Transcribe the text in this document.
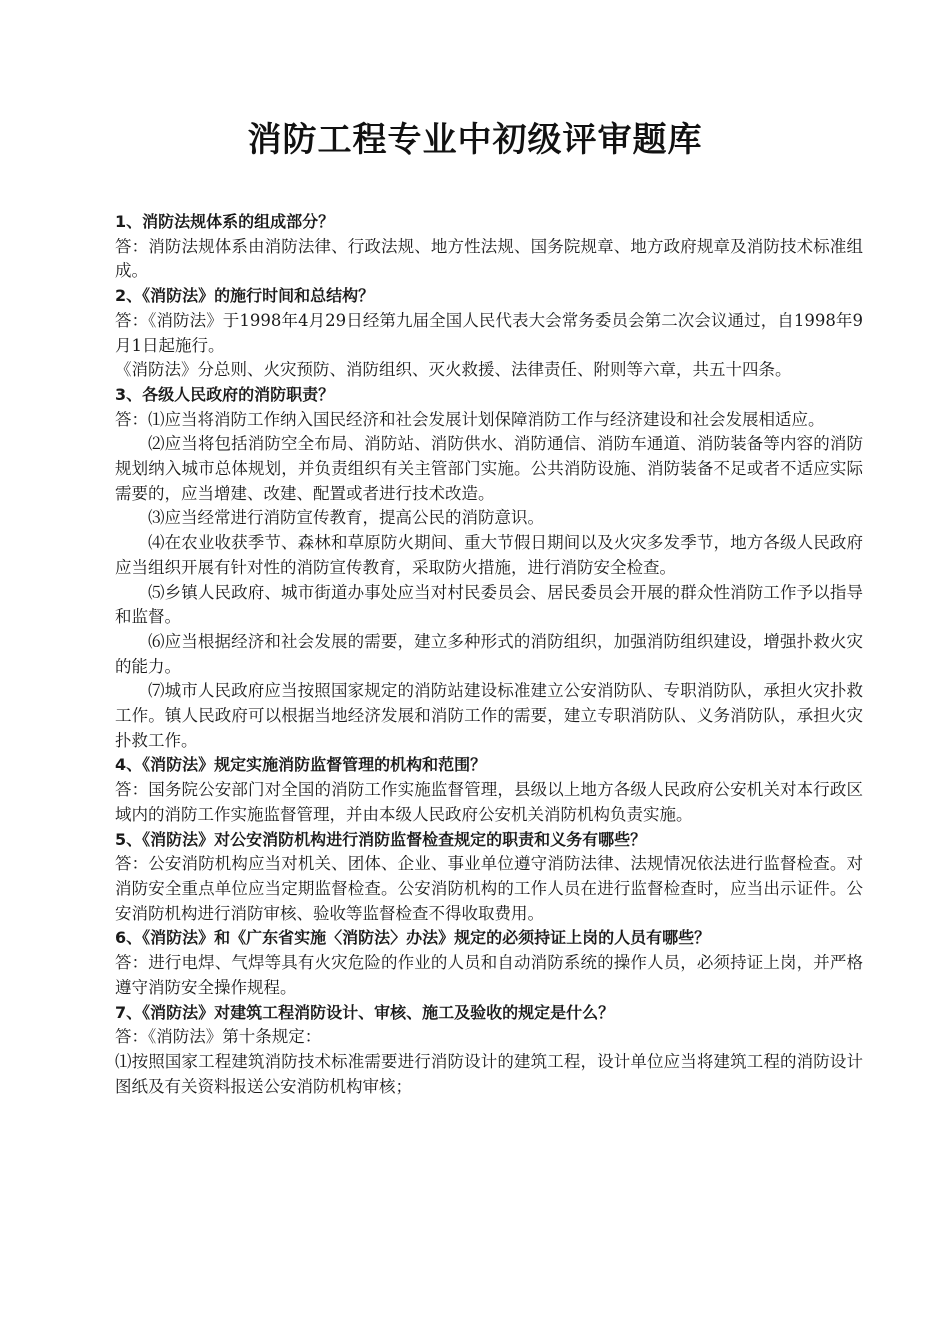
消防工程专业中初级评审题库

1、消防法规体系的组成部分？

答：消防法规体系由消防法律、行政法规、地方性法规、国务院规章、地方政府规章及消防技术标准组成。

2、《消防法》的施行时间和总结构？

答：《消防法》于1998年4月29日经第九届全国人民代表大会常务委员会第二次会议通过，自1998年9月1日起施行。

《消防法》分总则、火灾预防、消防组织、灭火救援、法律责任、附则等六章，共五十四条。

3、各级人民政府的消防职责？

答：⑴应当将消防工作纳入国民经济和社会发展计划保障消防工作与经济建设和社会发展相适应。

⑵应当将包括消防空全布局、消防站、消防供水、消防通信、消防车通道、消防装备等内容的消防规划纳入城市总体规划，并负责组织有关主管部门实施。公共消防设施、消防装备不足或者不适应实际需要的，应当增建、改建、配置或者进行技术改造。

⑶应当经常进行消防宣传教育，提高公民的消防意识。

⑷在农业收获季节、森林和草原防火期间、重大节假日期间以及火灾多发季节，地方各级人民政府应当组织开展有针对性的消防宣传教育，采取防火措施，进行消防安全检查。

⑸乡镇人民政府、城市街道办事处应当对村民委员会、居民委员会开展的群众性消防工作予以指导和监督。

⑹应当根据经济和社会发展的需要，建立多种形式的消防组织，加强消防组织建设，增强扑救火灾的能力。

⑺城市人民政府应当按照国家规定的消防站建设标准建立公安消防队、专职消防队，承担火灾扑救工作。镇人民政府可以根据当地经济发展和消防工作的需要，建立专职消防队、义务消防队，承担火灾扑救工作。

4、《消防法》规定实施消防监督管理的机构和范围？

答：国务院公安部门对全国的消防工作实施监督管理，县级以上地方各级人民政府公安机关对本行政区域内的消防工作实施监督管理，并由本级人民政府公安机关消防机构负责实施。

5、《消防法》对公安消防机构进行消防监督检查规定的职责和义务有哪些？

答：公安消防机构应当对机关、团体、企业、事业单位遵守消防法律、法规情况依法进行监督检查。对消防安全重点单位应当定期监督检查。公安消防机构的工作人员在进行监督检查时，应当出示证件。公安消防机构进行消防审核、验收等监督检查不得收取费用。

6、《消防法》和《广东省实施〈消防法〉办法》规定的必须持证上岗的人员有哪些？

答：进行电焊、气焊等具有火灾危险的作业的人员和自动消防系统的操作人员，必须持证上岗，并严格遵守消防安全操作规程。

7、《消防法》对建筑工程消防设计、审核、施工及验收的规定是什么？

答：《消防法》第十条规定：

⑴按照国家工程建筑消防技术标准需要进行消防设计的建筑工程，设计单位应当将建筑工程的消防设计图纸及有关资料报送公安消防机构审核；
